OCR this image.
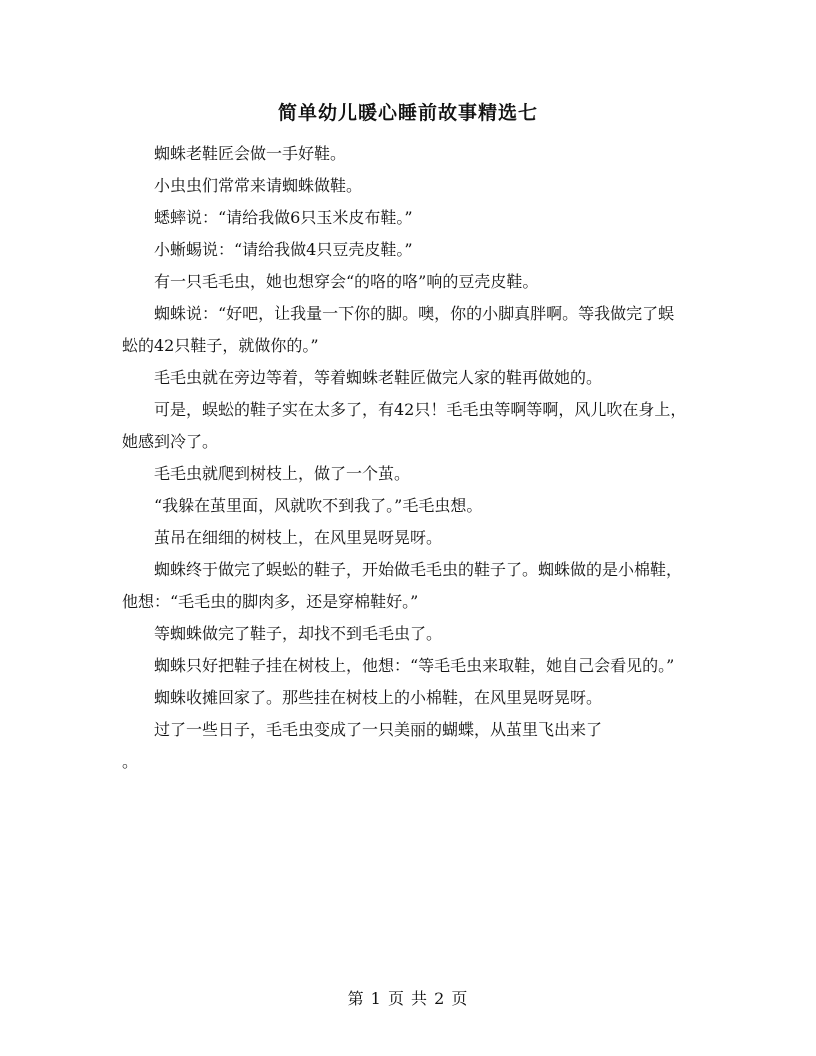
简单幼儿暖心睡前故事精选七

蜘蛛老鞋匠会做一手好鞋。

小虫虫们常常来请蜘蛛做鞋。

蟋蟀说：“请给我做6只玉米皮布鞋。”

小蜥蜴说：“请给我做4只豆壳皮鞋。”

有一只毛毛虫，她也想穿会“的咯的咯”响的豆壳皮鞋。

蜘蛛说：“好吧，让我量一下你的脚。噢，你的小脚真胖啊。等我做完了蜈蚣的42只鞋子，就做你的。”

毛毛虫就在旁边等着，等着蜘蛛老鞋匠做完人家的鞋再做她的。

可是，蜈蚣的鞋子实在太多了，有42只！毛毛虫等啊等啊，风儿吹在身上，她感到冷了。

毛毛虫就爬到树枝上，做了一个茧。

“我躲在茧里面，风就吹不到我了。”毛毛虫想。

茧吊在细细的树枝上，在风里晃呀晃呀。

蜘蛛终于做完了蜈蚣的鞋子，开始做毛毛虫的鞋子了。蜘蛛做的是小棉鞋，他想：“毛毛虫的脚肉多，还是穿棉鞋好。”

等蜘蛛做完了鞋子，却找不到毛毛虫了。

蜘蛛只好把鞋子挂在树枝上，他想：“等毛毛虫来取鞋，她自己会看见的。”

蜘蛛收摊回家了。那些挂在树枝上的小棉鞋，在风里晃呀晃呀。

过了一些日子，毛毛虫变成了一只美丽的蝴蝶，从茧里飞出来了

。

第 1 页 共 2 页
